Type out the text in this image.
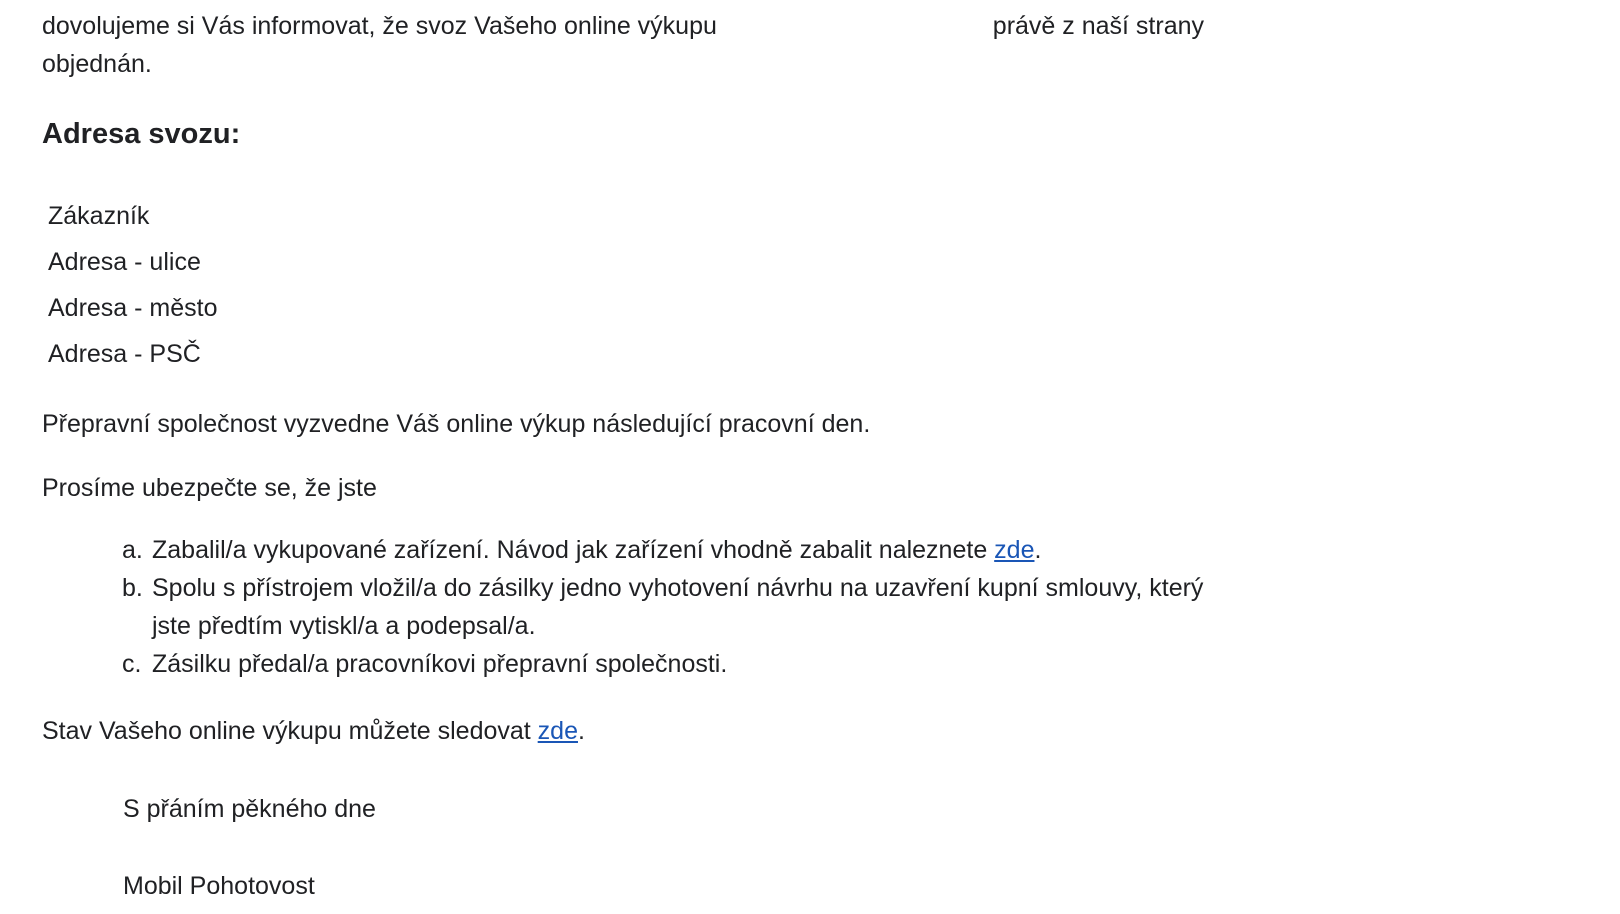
dovolujeme si Vás informovat, že svoz Vašeho online výkupu	právě z naší strany

objednán.

Adresa svozu:

Zákazník

Adresa - ulice

Adresa - město

Adresa - PSČ

Přepravní společnost vyzvedne Váš online výkup následující pracovní den.

Prosíme ubezpečte se, že jste

a. Zabalil/a vykupované zařízení. Návod jak zařízení vhodně zabalit naleznete zde.
b. Spolu s přístrojem vložil/a do zásilky jedno vyhotovení návrhu na uzavření kupní smlouvy, který
jste předtím vytiskl/a a podepsal/a.
c. Zásilku předal/a pracovníkovi přepravní společnosti.

Stav Vašeho online výkupu můžete sledovat zde.

S přáním pěkného dne

Mobil Pohotovost
